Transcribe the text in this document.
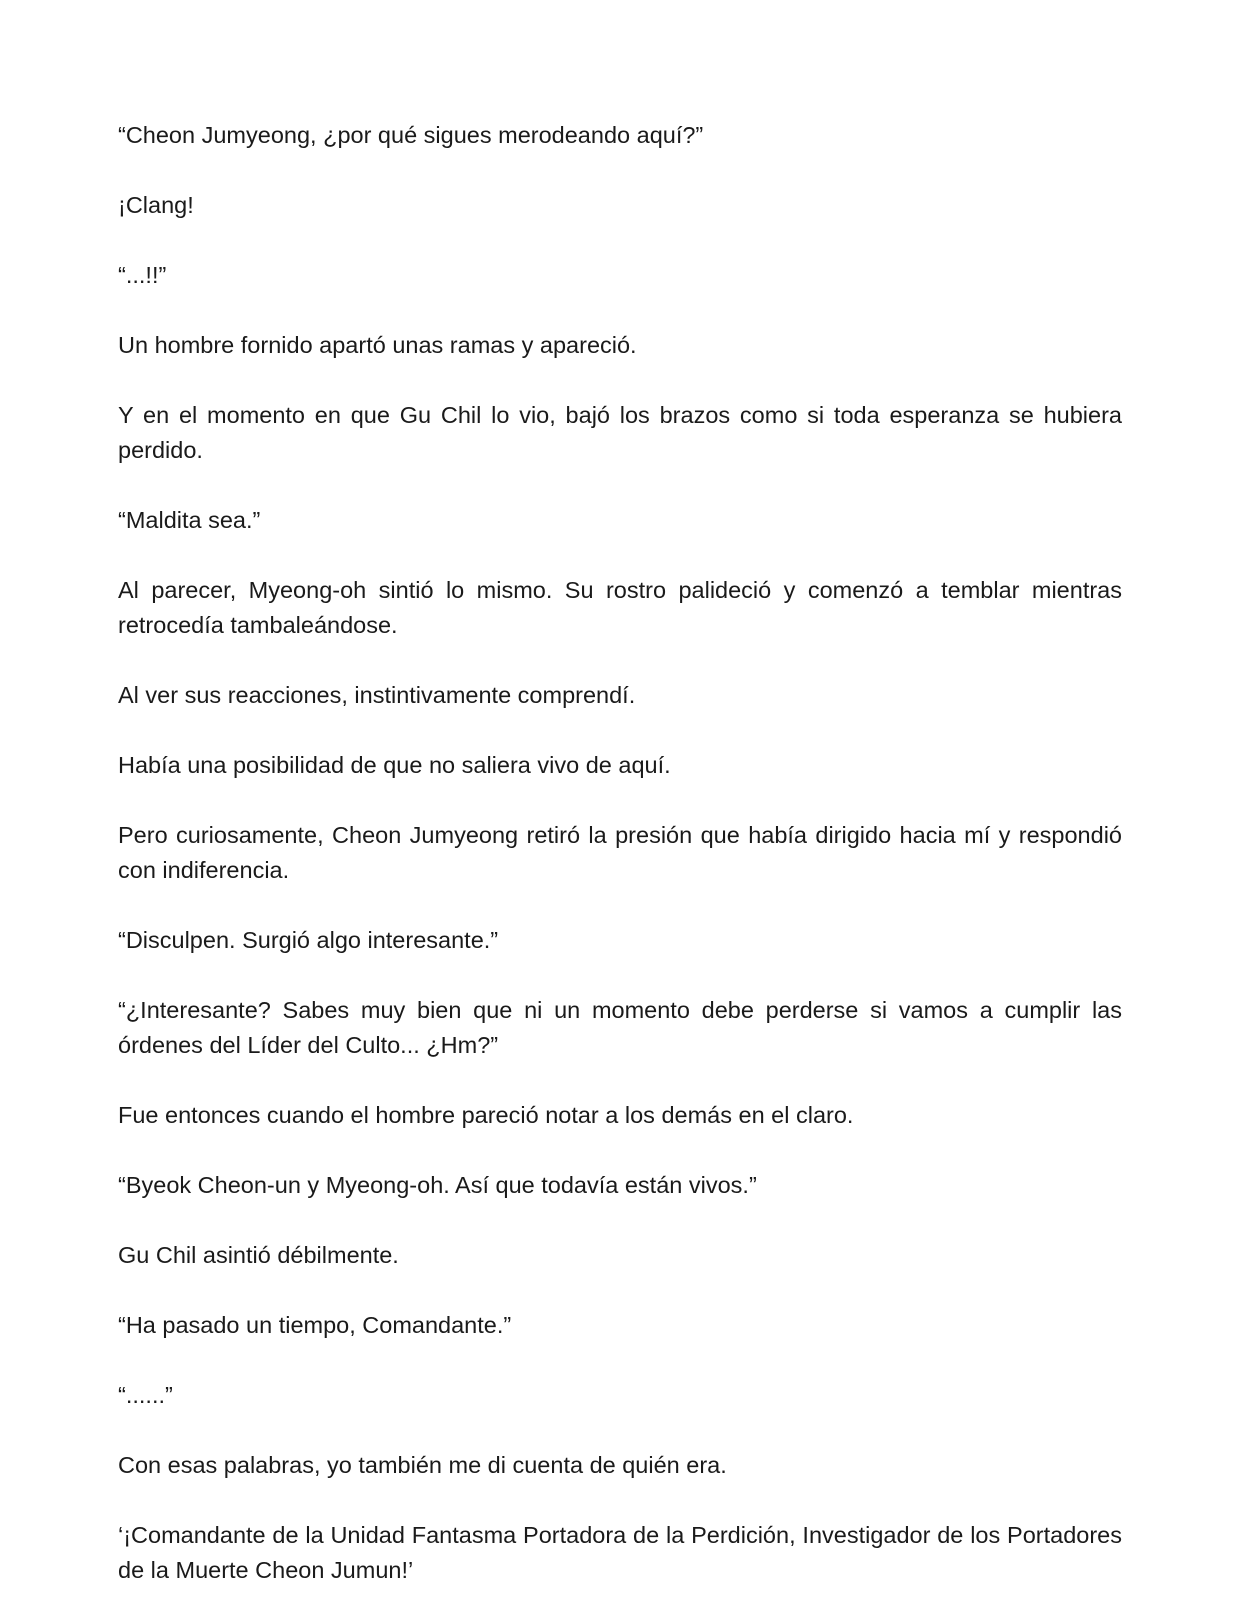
“Cheon Jumyeong, ¿por qué sigues merodeando aquí?”

¡Clang!

“...!!”

Un hombre fornido apartó unas ramas y apareció.

Y en el momento en que Gu Chil lo vio, bajó los brazos como si toda esperanza se hubiera perdido.

“Maldita sea.”

Al parecer, Myeong-oh sintió lo mismo. Su rostro palideció y comenzó a temblar mientras retrocedía tambaleándose.

Al ver sus reacciones, instintivamente comprendí.

Había una posibilidad de que no saliera vivo de aquí.

Pero curiosamente, Cheon Jumyeong retiró la presión que había dirigido hacia mí y respondió con indiferencia.

“Disculpen. Surgió algo interesante.”

“¿Interesante? Sabes muy bien que ni un momento debe perderse si vamos a cumplir las órdenes del Líder del Culto... ¿Hm?”

Fue entonces cuando el hombre pareció notar a los demás en el claro.

“Byeok Cheon-un y Myeong-oh. Así que todavía están vivos.”

Gu Chil asintió débilmente.

“Ha pasado un tiempo, Comandante.”

“......”

Con esas palabras, yo también me di cuenta de quién era.

‘¡Comandante de la Unidad Fantasma Portadora de la Perdición, Investigador de los Portadores de la Muerte Cheon Jumun!’
